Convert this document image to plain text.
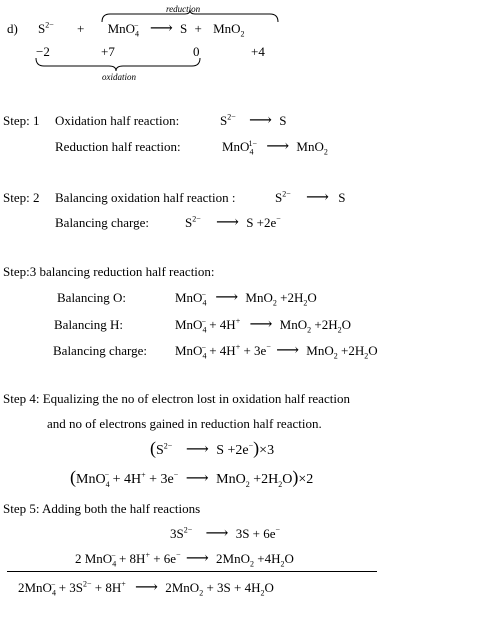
reduction
d) $S^{2-} + MnO_4^-$ ⟶ S + MnO$_2$
−2	+7	0	+4
oxidation
Step: 1 Oxidation half reaction:	$S^{2-}$ ⟶ S
Reduction half reaction:	MnO$_4^{1-}$ ⟶ MnO$_2$
Step: 2 Balancing oxidation half reaction :	$S^{2-}$ ⟶ S
Balancing charge:	$S^{2-}$ ⟶ S +2e−
Step:3 balancing reduction half reaction:
Balancing O:	MnO$_4$− ⟶ $MnO_2 +2H_2O$
Balancing H:	MnO$_4$− + 4H+ ⟶ $MnO_2 +2H_2O$
Balancing charge: MnO$_4$− + 4H+ + 3e− ⟶ $MnO_2 +2H_2O$
Step 4: Equalizing the no of electron lost in oxidation half reaction
and no of electrons gained in reduction half reaction.
($S^{2-}$ ⟶ S +2e−)×3
(MnO$_4$− + 4H+ + 3e− ⟶ $MnO_2 +2H_2O)\times 2$
Step 5: Adding both the half reactions
$3S^{2-}$ ⟶ 3S + 6e−
2 MnO$_4$− + 8H+ + 6e− ⟶ $2MnO_2 +4H_2O$
$2MnO_4^- + 3S^{2-} + 8H^+$ ⟶ $2MnO_2 + 3S + 4H_2O$
